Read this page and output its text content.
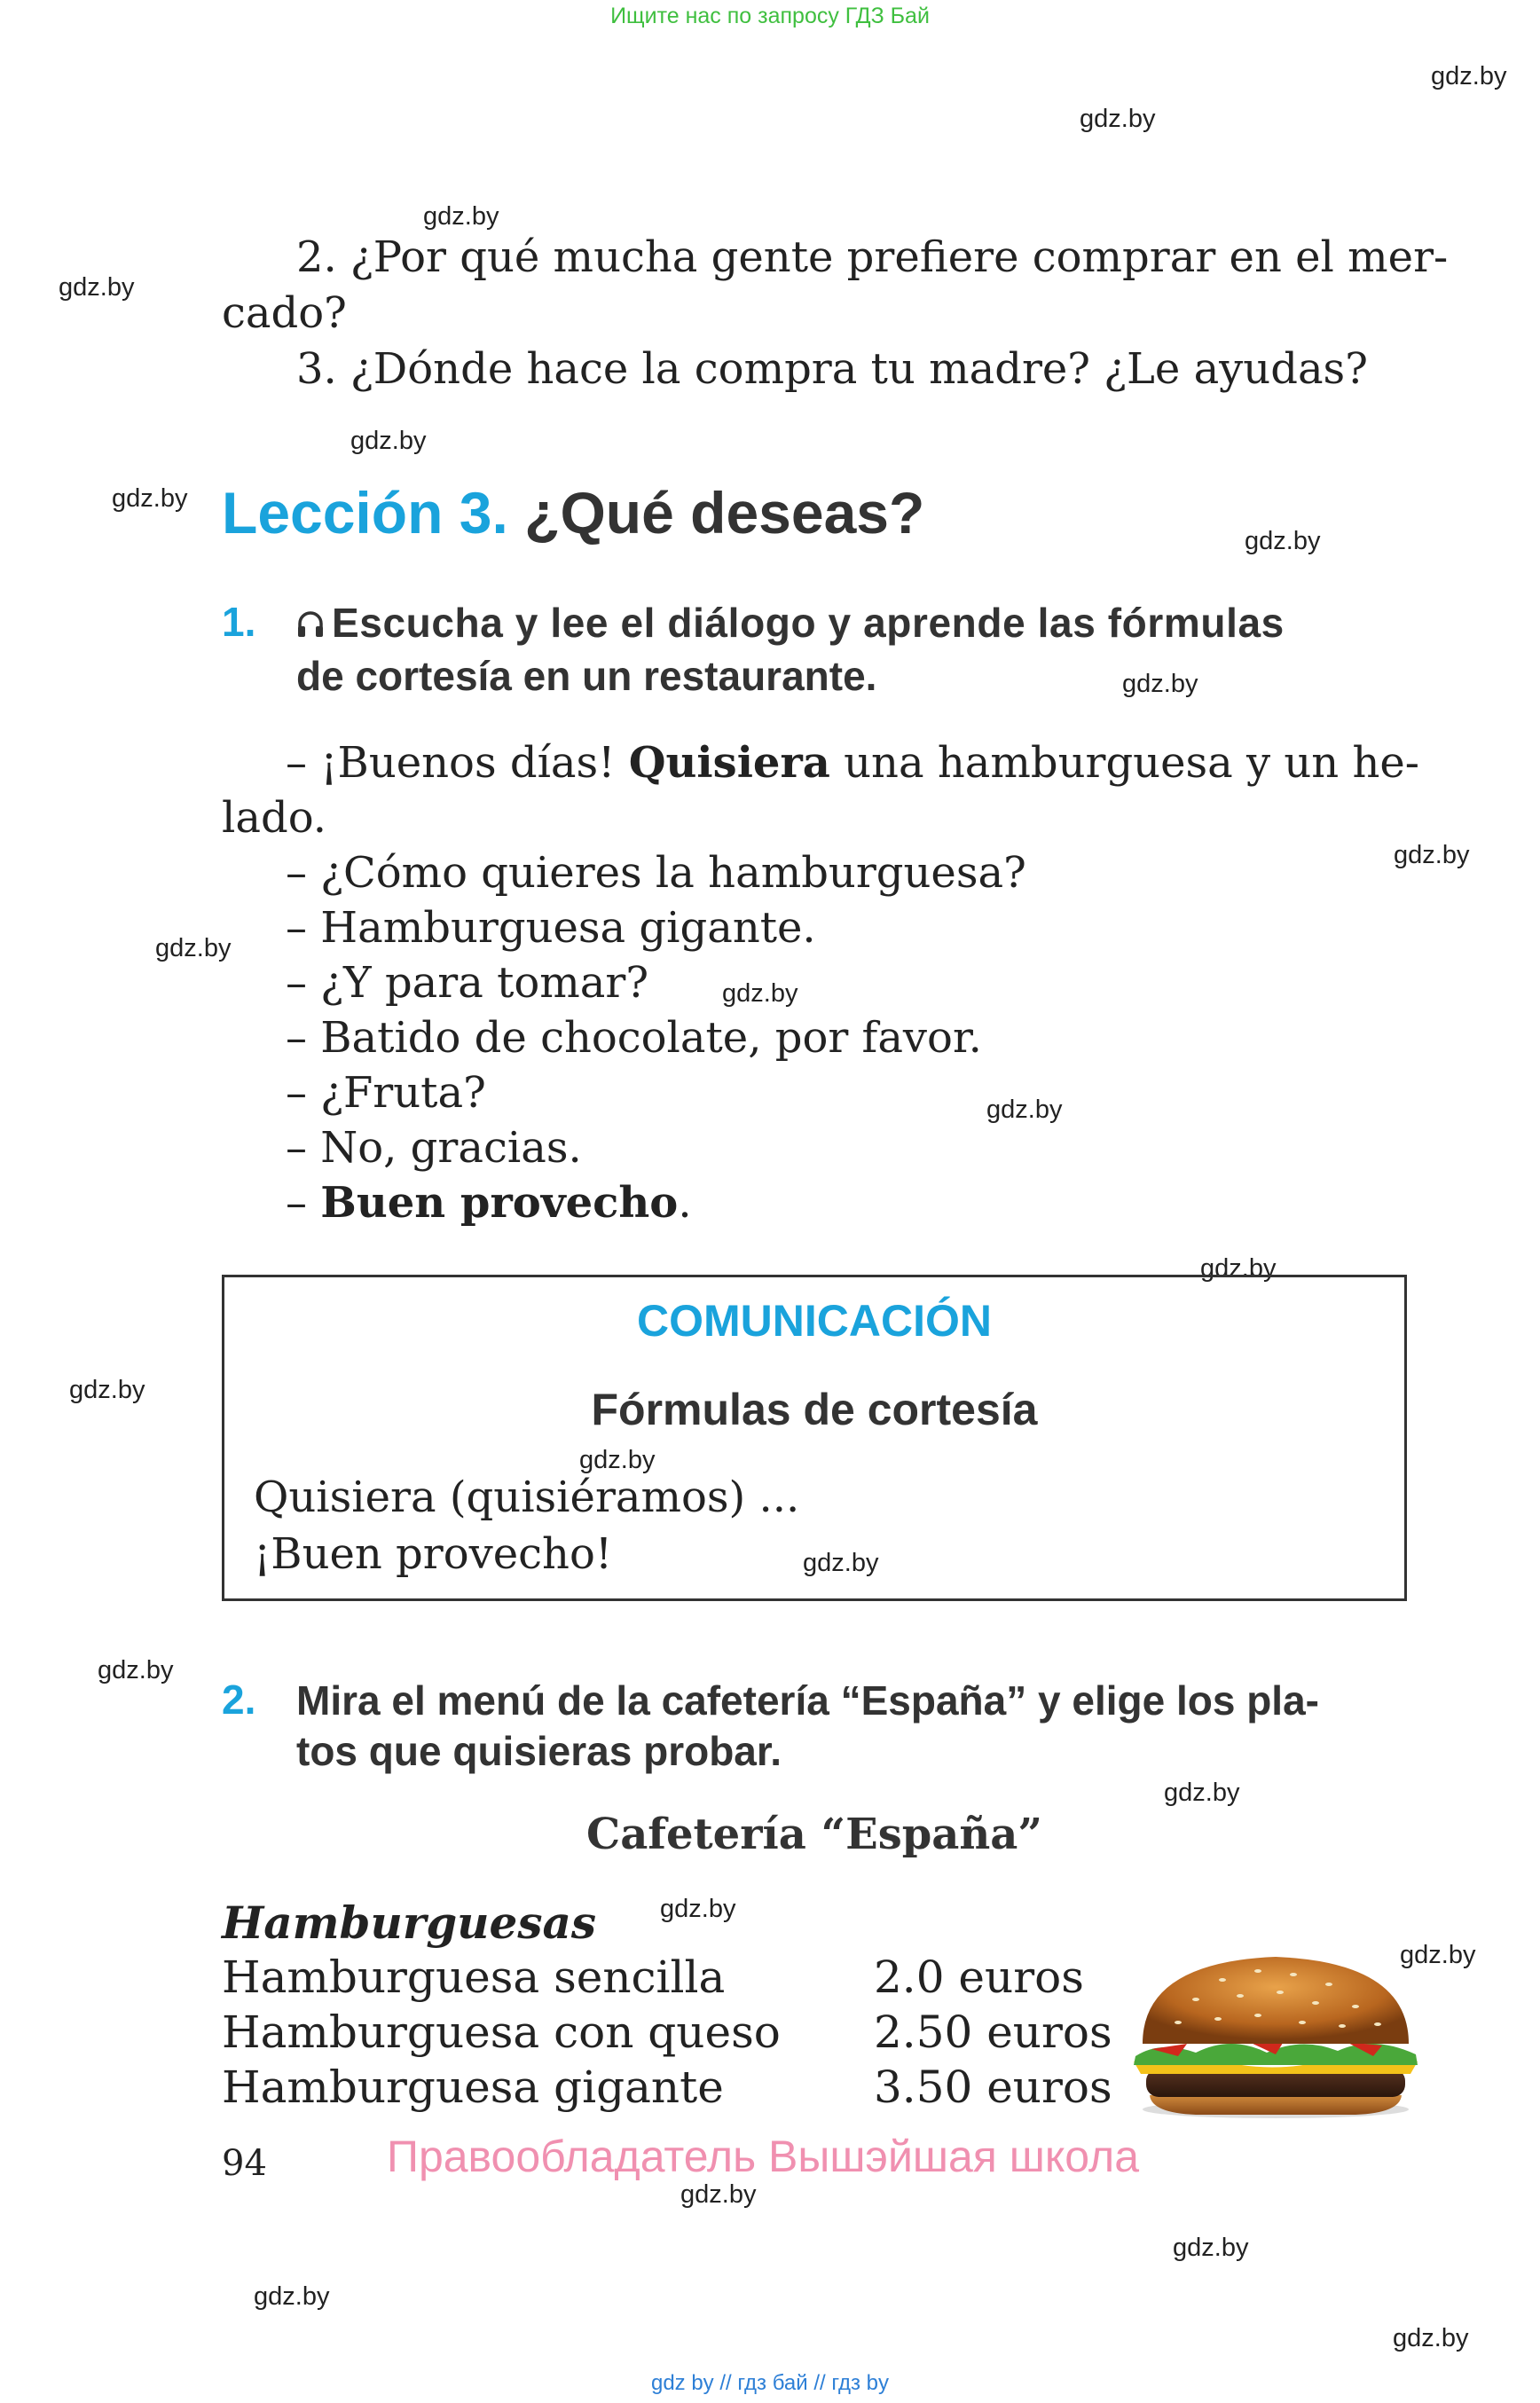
Ищите нас по запросу ГДЗ Бай
gdz.by
gdz.by
gdz.by
gdz.by
gdz.by
gdz.by
gdz.by
gdz.by
gdz.by
gdz.by
gdz.by
gdz.by
gdz.by
gdz.by
gdz.by
gdz.by
gdz.by
gdz.by
gdz.by
gdz.by
gdz.by
gdz.by
gdz.by
gdz.by
2. ¿Por qué mucha gente prefiere comprar en el mer-
cado?
3. ¿Dónde hace la compra tu madre? ¿Le ayudas?
Lección 3. ¿Qué deseas?
1.	Escucha y lee el diálogo y aprende las fórmulas
de cortesía en un restaurante.
– ¡Buenos días! Quisiera una hamburguesa y un he-
lado.
– ¿Cómo quieres la hamburguesa?
– Hamburguesa gigante.
– ¿Y para tomar?
– Batido de chocolate, por favor.
– ¿Fruta?
– No, gracias.
– Buen provecho.
COMUNICACIÓN
Fórmulas de cortesía
Quisiera (quisiéramos) ...
¡Buen provecho!
2. Mira el menú de la cafetería “España” y elige los pla-
tos que quisieras probar.
Cafetería “España”
Hamburguesas
Hamburguesa sencilla	2.0 euros
Hamburguesa con queso 2.50 euros
Hamburguesa gigante	3.50 euros
94	Правообладатель Вышэйшая школа
gdz by // гдз бай // гдз by
